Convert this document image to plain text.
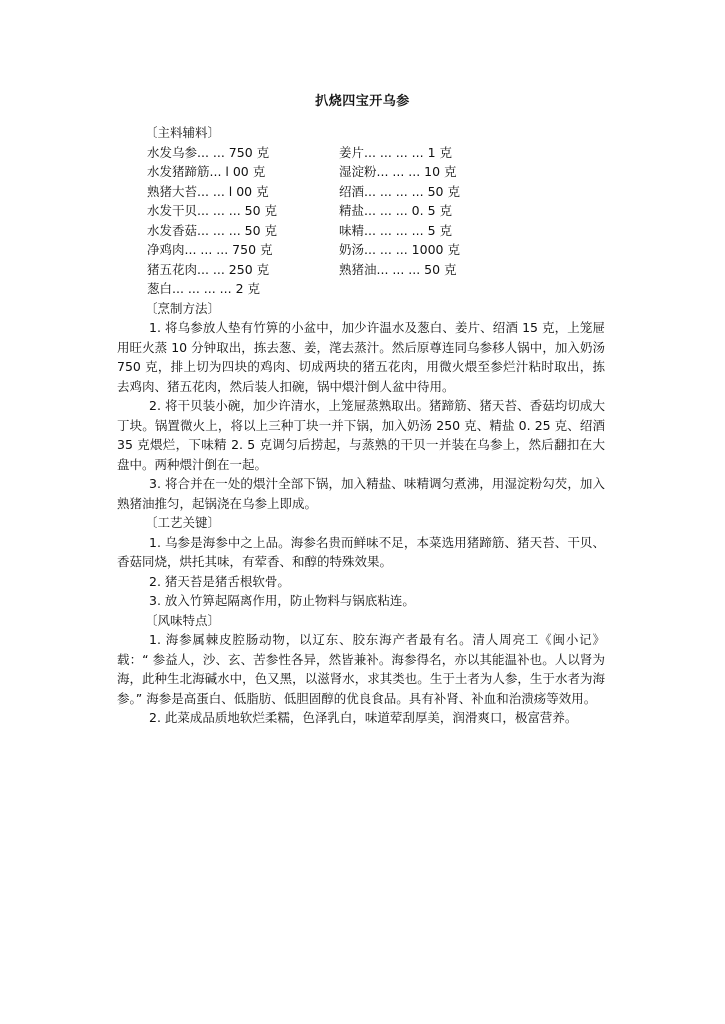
扒烧四宝开乌参
〔主料辅料〕
水发乌参... ... 750 克	姜片... ... ... ... 1 克
水发猪蹄筋... l 00 克	湿淀粉... ... ... 10 克
熟猪大苔... ... l 00 克	绍酒... ... ... ... 50 克
水发干贝... ... ... 50 克	精盐... ... ... 0. 5 克
水发香菇... ... ... 50 克	味精... ... ... ... 5 克
净鸡肉... ... ... 750 克	奶汤... ... ... 1000 克
猪五花肉... ... 250 克	熟猪油... ... ... 50 克
葱白... ... ... ... 2 克
〔烹制方法〕

1. 将乌参放人垫有竹箅的小盆中，加少许温水及葱白、姜片、绍酒 15 克，上笼屉用旺火蒸 10 分钟取出，拣去葱、姜，滗去蒸汁。然后原尊连同乌参移人锅中，加入奶汤 750 克，排上切为四块的鸡肉、切成两块的猪五花肉，用微火煨至参烂汁粘时取出，拣去鸡肉、猪五花肉，然后装人扣碗，锅中煨汁倒人盆中待用。

2. 将干贝装小碗，加少许清水，上笼屉蒸熟取出。猪蹄筋、猪天苔、香菇均切成大丁块。锅置微火上，将以上三种丁块一并下锅，加入奶汤 250 克、精盐 0. 25 克、绍酒 35 克煨烂，下味精 2. 5 克调匀后捞起，与蒸熟的干贝一并装在乌参上，然后翻扣在大盘中。两种煨汁倒在一起。

3. 将合并在一处的煨汁全部下锅，加入精盐、味精调匀煮沸，用湿淀粉勾芡，加入熟猪油推匀，起锅浇在乌参上即成。

〔工艺关键〕

1. 乌参是海参中之上品。海参名贵而鲜味不足，本菜选用猪蹄筋、猪天苔、干贝、香菇同烧，烘托其味，有荤香、和醇的特殊效果。

2. 猪天苔是猪舌根软骨。

3. 放入竹箅起隔离作用，防止物料与锅底粘连。

〔风味特点〕

1. 海参属棘皮腔肠动物，以辽东、胶东海产者最有名。清人周亮工《闽小记》载：“ 参益人，沙、玄、苦参性各异，然皆兼补。海参得名，亦以其能温补也。人以肾为海，此种生北海碱水中，色又黑，以滋肾水，求其类也。生于土者为人参，生于水者为海参。” 海参是高蛋白、低脂肪、低胆固醇的优良食品。具有补肾、补血和治溃疡等效用。

2. 此菜成品质地软烂柔糯，色泽乳白，味道荤刮厚美，润滑爽口，极富营养。
